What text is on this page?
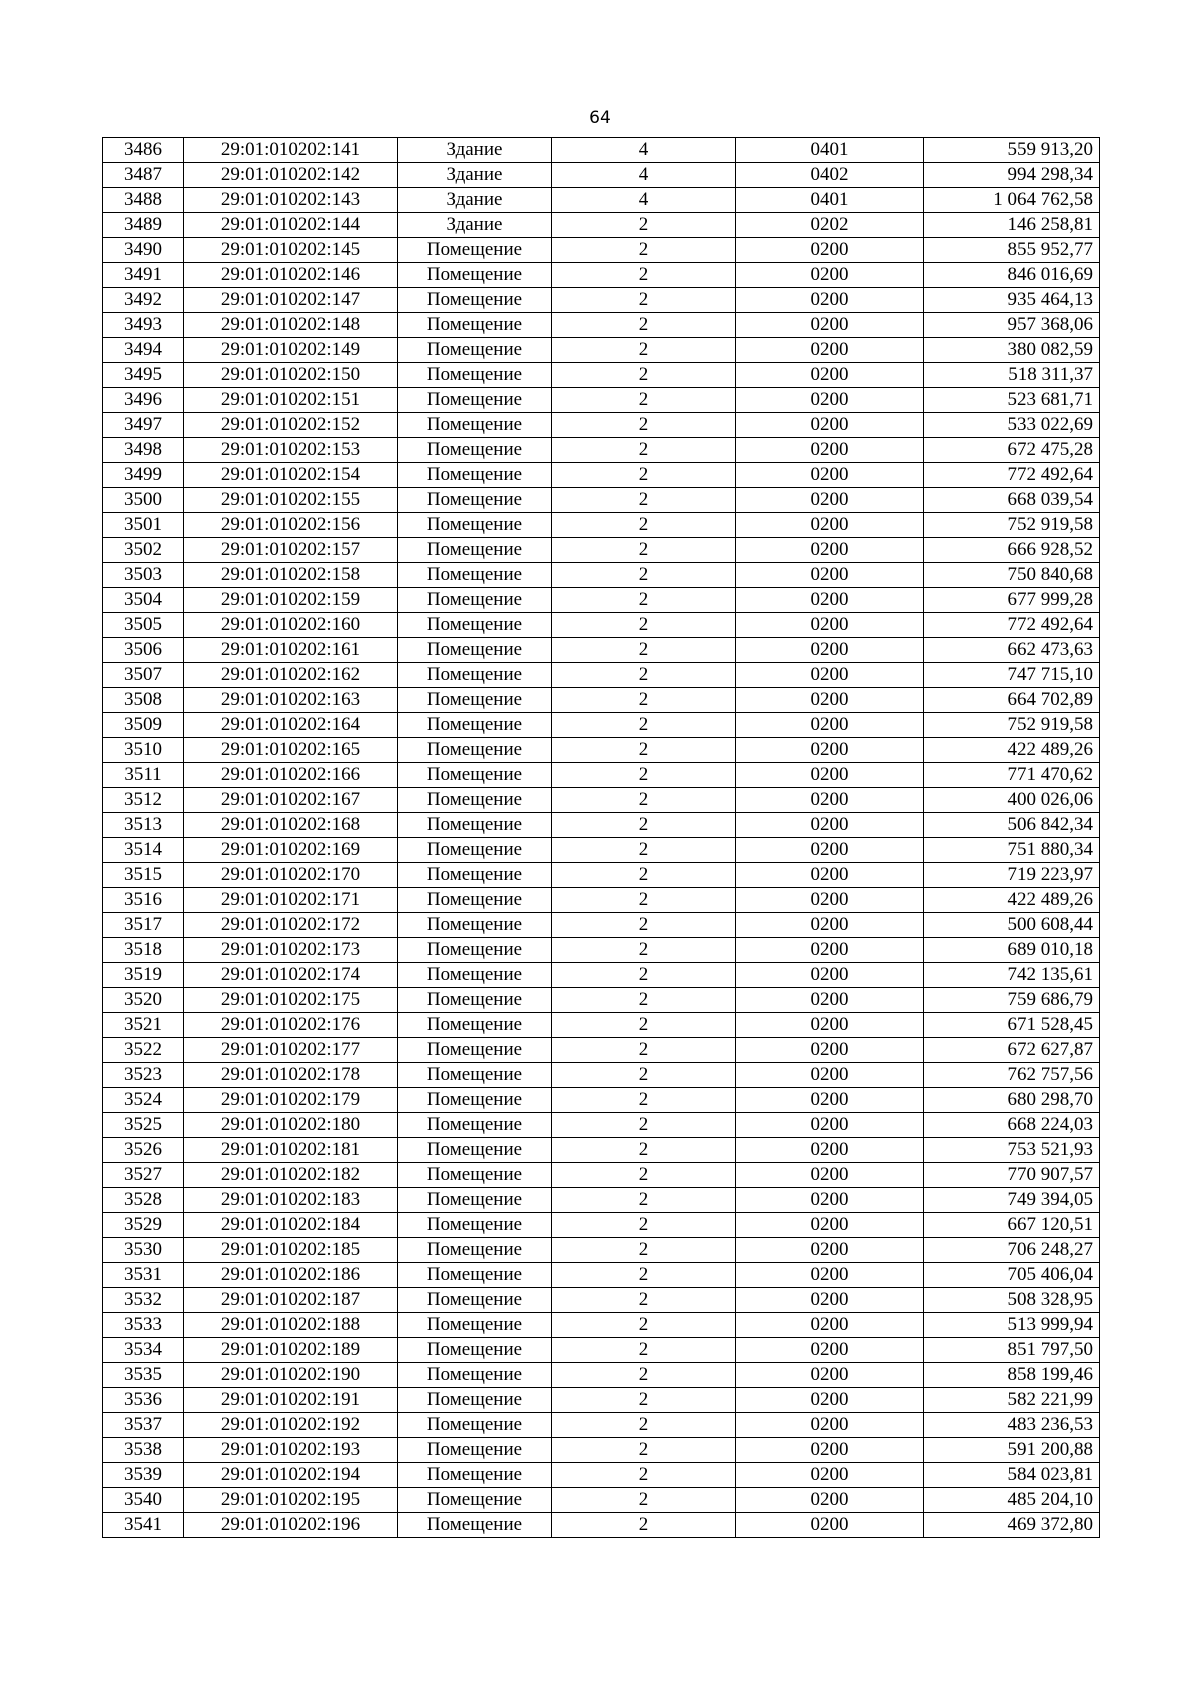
64
3486	29:01:010202:141	Здание	4	0401	559 913,20
3487	29:01:010202:142	Здание	4	0402	994 298,34
3488	29:01:010202:143	Здание	4	0401	1 064 762,58
3489	29:01:010202:144	Здание	2	0202	146 258,81
3490	29:01:010202:145	Помещение	2	0200	855 952,77
3491	29:01:010202:146	Помещение	2	0200	846 016,69
3492	29:01:010202:147	Помещение	2	0200	935 464,13
3493	29:01:010202:148	Помещение	2	0200	957 368,06
3494	29:01:010202:149	Помещение	2	0200	380 082,59
3495	29:01:010202:150	Помещение	2	0200	518 311,37
3496	29:01:010202:151	Помещение	2	0200	523 681,71
3497	29:01:010202:152	Помещение	2	0200	533 022,69
3498	29:01:010202:153	Помещение	2	0200	672 475,28
3499	29:01:010202:154	Помещение	2	0200	772 492,64
3500	29:01:010202:155	Помещение	2	0200	668 039,54
3501	29:01:010202:156	Помещение	2	0200	752 919,58
3502	29:01:010202:157	Помещение	2	0200	666 928,52
3503	29:01:010202:158	Помещение	2	0200	750 840,68
3504	29:01:010202:159	Помещение	2	0200	677 999,28
3505	29:01:010202:160	Помещение	2	0200	772 492,64
3506	29:01:010202:161	Помещение	2	0200	662 473,63
3507	29:01:010202:162	Помещение	2	0200	747 715,10
3508	29:01:010202:163	Помещение	2	0200	664 702,89
3509	29:01:010202:164	Помещение	2	0200	752 919,58
3510	29:01:010202:165	Помещение	2	0200	422 489,26
3511	29:01:010202:166	Помещение	2	0200	771 470,62
3512	29:01:010202:167	Помещение	2	0200	400 026,06
3513	29:01:010202:168	Помещение	2	0200	506 842,34
3514	29:01:010202:169	Помещение	2	0200	751 880,34
3515	29:01:010202:170	Помещение	2	0200	719 223,97
3516	29:01:010202:171	Помещение	2	0200	422 489,26
3517	29:01:010202:172	Помещение	2	0200	500 608,44
3518	29:01:010202:173	Помещение	2	0200	689 010,18
3519	29:01:010202:174	Помещение	2	0200	742 135,61
3520	29:01:010202:175	Помещение	2	0200	759 686,79
3521	29:01:010202:176	Помещение	2	0200	671 528,45
3522	29:01:010202:177	Помещение	2	0200	672 627,87
3523	29:01:010202:178	Помещение	2	0200	762 757,56
3524	29:01:010202:179	Помещение	2	0200	680 298,70
3525	29:01:010202:180	Помещение	2	0200	668 224,03
3526	29:01:010202:181	Помещение	2	0200	753 521,93
3527	29:01:010202:182	Помещение	2	0200	770 907,57
3528	29:01:010202:183	Помещение	2	0200	749 394,05
3529	29:01:010202:184	Помещение	2	0200	667 120,51
3530	29:01:010202:185	Помещение	2	0200	706 248,27
3531	29:01:010202:186	Помещение	2	0200	705 406,04
3532	29:01:010202:187	Помещение	2	0200	508 328,95
3533	29:01:010202:188	Помещение	2	0200	513 999,94
3534	29:01:010202:189	Помещение	2	0200	851 797,50
3535	29:01:010202:190	Помещение	2	0200	858 199,46
3536	29:01:010202:191	Помещение	2	0200	582 221,99
3537	29:01:010202:192	Помещение	2	0200	483 236,53
3538	29:01:010202:193	Помещение	2	0200	591 200,88
3539	29:01:010202:194	Помещение	2	0200	584 023,81
3540	29:01:010202:195	Помещение	2	0200	485 204,10
3541	29:01:010202:196	Помещение	2	0200	469 372,80
